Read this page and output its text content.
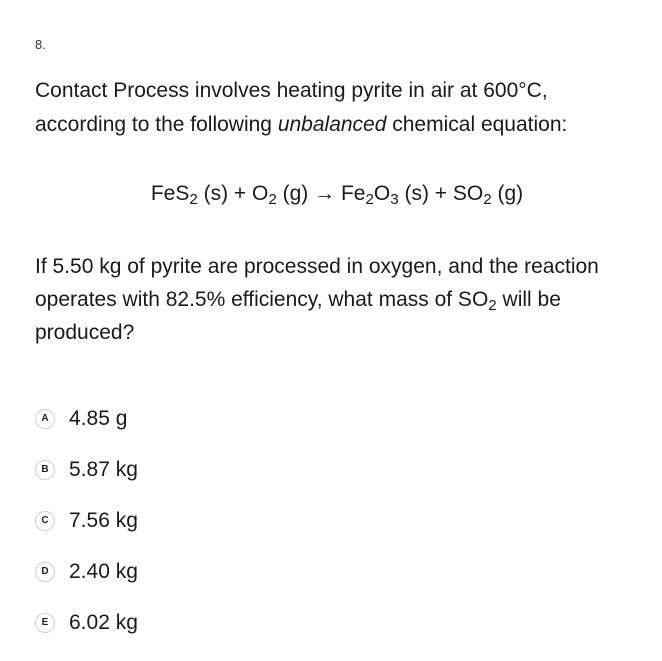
8.

Contact Process involves heating pyrite in air at 600°C, according to the following unbalanced chemical equation:

FeS$_2$ $(s) + O_2$ $(g) \to Fe_2O_3$ $(s) + SO_2$ (g)

If 5.50 kg of pyrite are processed in oxygen, and the reaction operates with 82.5% efficiency, what mass of $SO_2$ will be produced?

A 4.85 g
B 5.87 kg
C 7.56 kg
D 2.40 kg
E 6.02 kg
